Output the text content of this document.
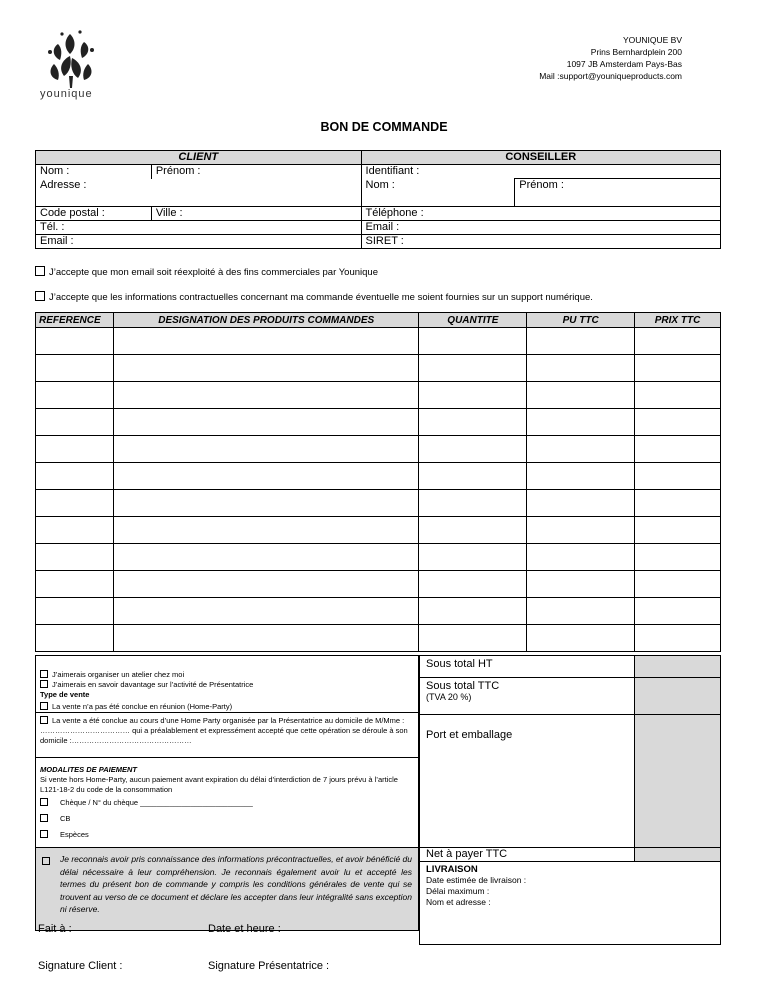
younique
YOUNIQUE BV
Prins Bernhardplein 200
1097 JB Amsterdam Pays-Bas
Mail :support@youniqueproducts.com
BON DE COMMANDE
CLIENT		CONSEILLER	
Nom :	Prénom :	Identifiant :	
Adresse :		Nom :	Prénom :

Code postal :	Ville :	Téléphone :	
Tél. :		Email :	
Email :		SIRET :	
J’accepte que mon email soit réexploité à des fins commerciales par Younique
J’accepte que les informations contractuelles concernant ma commande éventuelle me soient fournies sur un support numérique.
REFERENCE	DESIGNATION DES PRODUITS COMMANDES	QUANTITE	PU TTC	PRIX TTC

J’aimerais organiser un atelier chez moi
J’aimerais en savoir davantage sur l’activité de Présentatrice
Type de vente
La vente n’a pas été conclue en réunion (Home-Party)
La vente a été conclue au cours d’une Home Party organisée par la Présentatrice au domicile de M/Mme : ……………………………… qui a préalablement et expressément accepté que cette opération se déroule à son domicile :…………………………………………
MODALITES DE PAIEMENT
Si vente hors Home-Party, aucun paiement avant expiration du délai d’interdiction de 7 jours prévu à l’article L121-18-2 du code de la consommation
Chèque / N° du chèque ___________________________
CB
Espèces
Je reconnais avoir pris connaissance des informations précontractuelles, et avoir bénéficié du délai nécessaire à leur compréhension. Je reconnais également avoir lu et accepté les termes du présent bon de commande y compris les conditions générales de vente qui se trouvent au verso de ce document et déclare les accepter dans leur intégralité sans exception ni réserve.
Sous total HT
Sous total TTC
(TVA 20 %)
Port et emballage
Net à payer TTC
LIVRAISON
Date estimée de livraison :
Délai maximum :
Nom et adresse :
Fait à :	Date et heure :
Signature Client :	Signature Présentatrice :
